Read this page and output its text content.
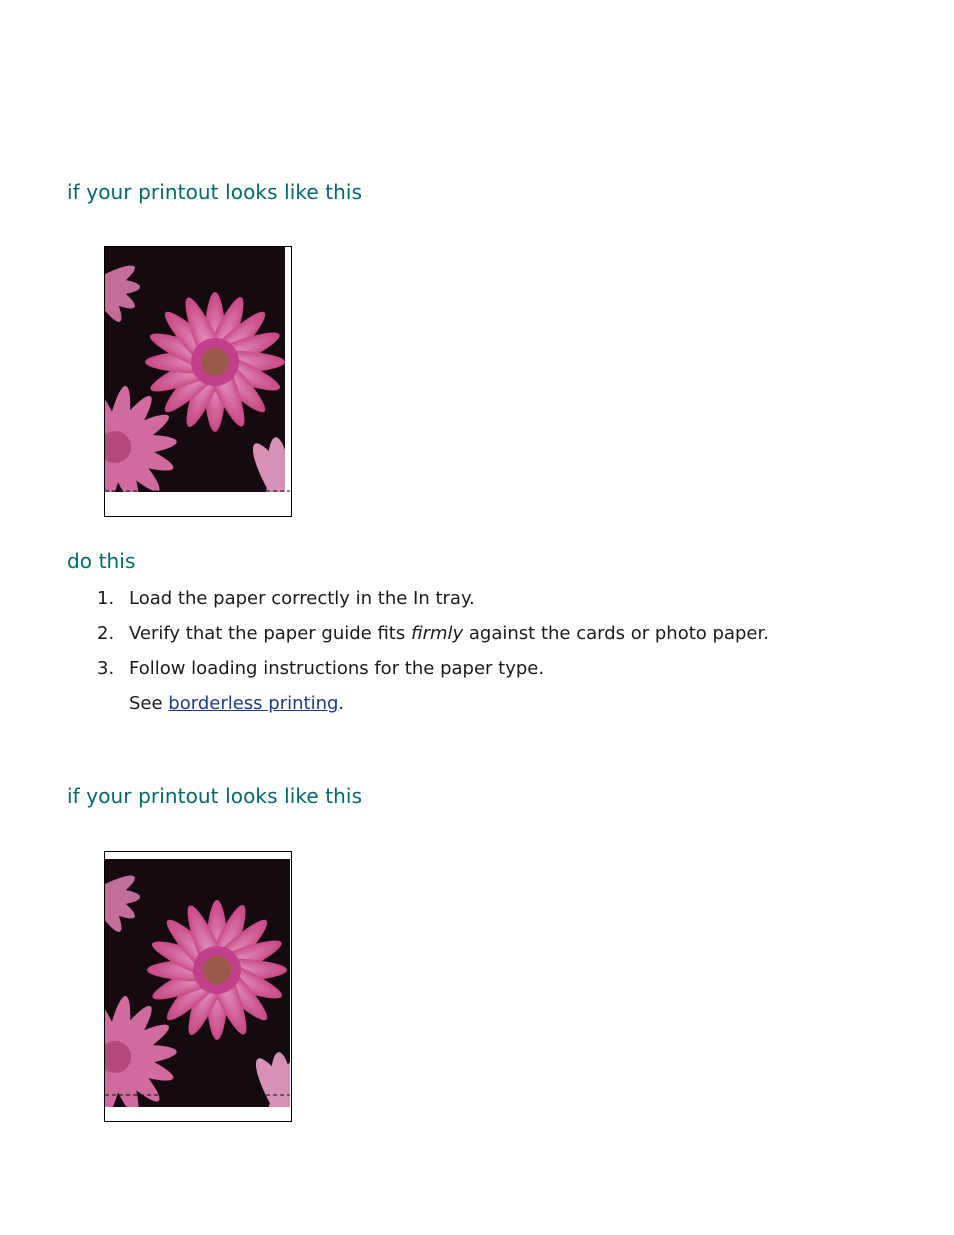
if your printout looks like this
do this
1. Load the paper correctly in the In tray.
2. Verify that the paper guide fits firmly against the cards or photo paper.
3. Follow loading instructions for the paper type.
See borderless printing.
if your printout looks like this
